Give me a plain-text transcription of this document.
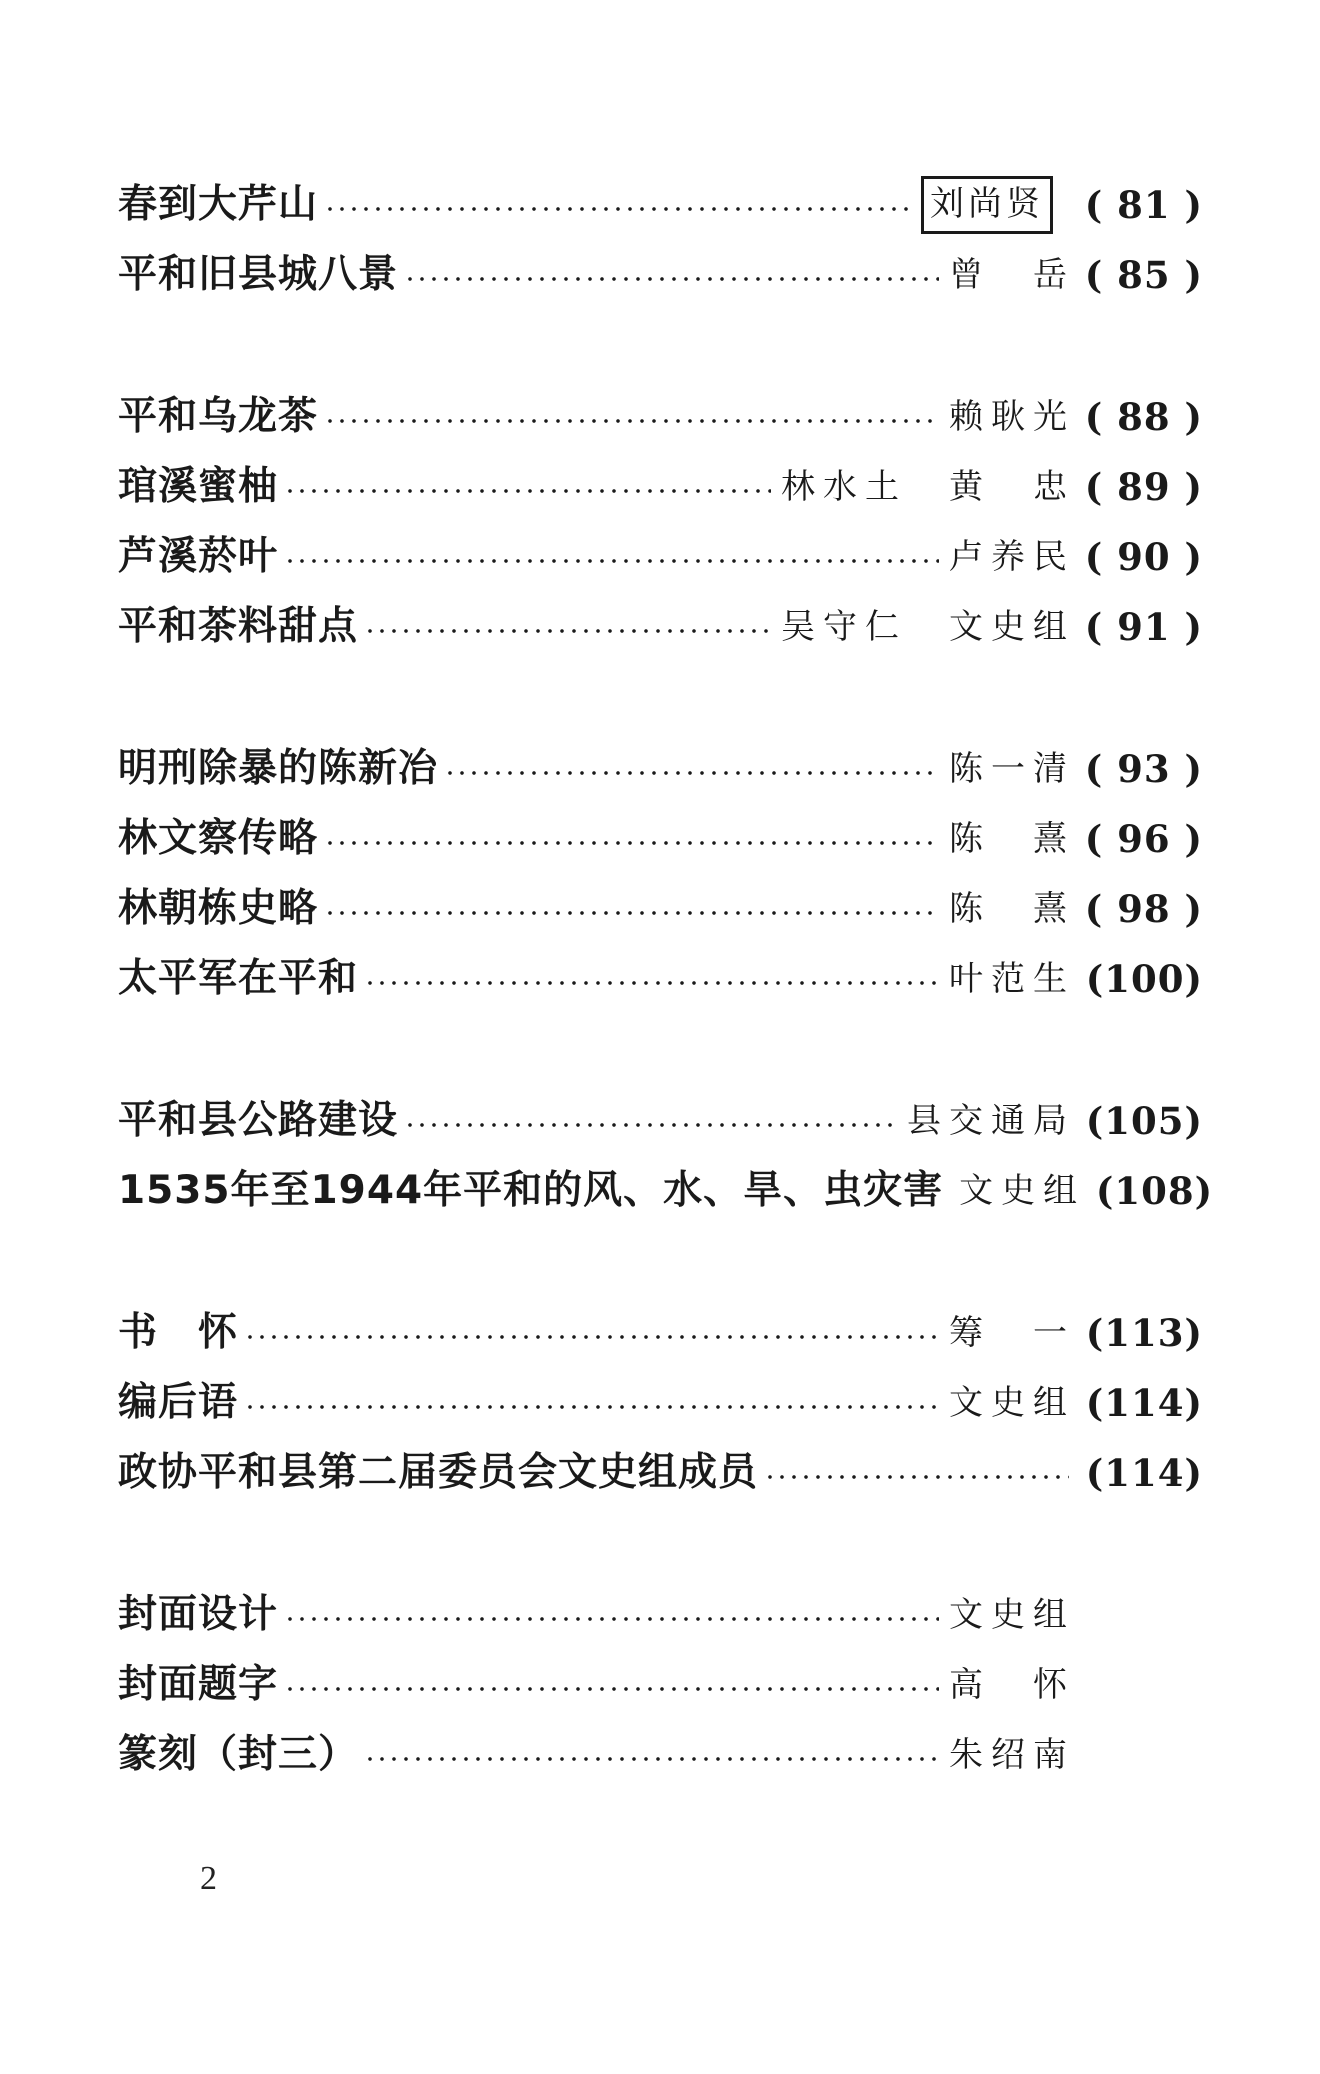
春到大芹山	刘尚贤 ( 81 )
平和旧县城八景	曾　岳 ( 85 )
平和乌龙茶	赖耿光 ( 88 )
琯溪蜜柚	林水土　黄　忠 ( 89 )
芦溪菸叶	卢养民 ( 90 )
平和茶料甜点	吴守仁　文史组 ( 91 )
明刑除暴的陈新冶	陈一清 ( 93 )
林文察传略	陈　熹 ( 96 )
林朝栋史略	陈　熹 ( 98 )
太平军在平和	叶范生 (100)
平和县公路建设	县交通局 (105)
1535年至1944年平和的风、水、旱、虫灾害 文史组 (108)
书　怀	筹　一 (113)
编后语	文史组 (114)
政协平和县第二届委员会文史组成员	(114)
封面设计	文史组
封面题字	高　怀
篆刻（封三）	朱绍南
2
